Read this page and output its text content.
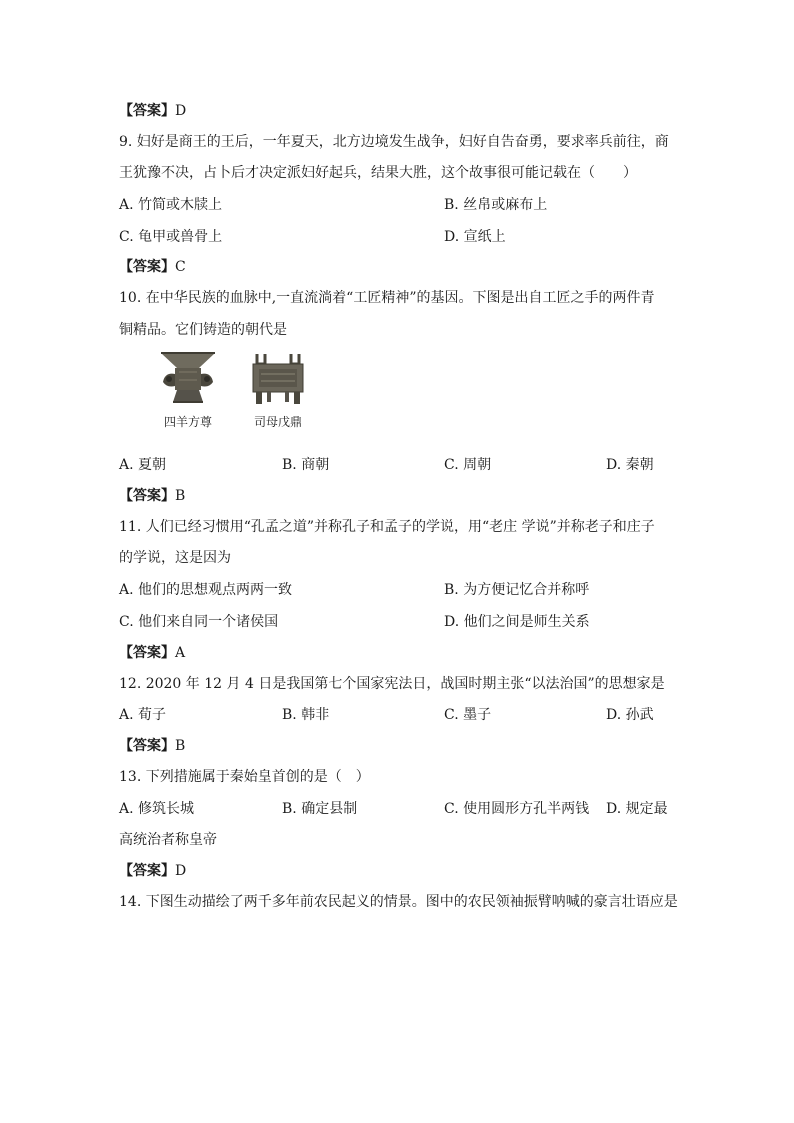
【答案】D
9. 妇好是商王的王后，一年夏天，北方边境发生战争，妇好自告奋勇，要求率兵前往，商
王犹豫不决，占卜后才决定派妇好起兵，结果大胜，这个故事很可能记载在（　　）
A. 竹简或木牍上	B. 丝帛或麻布上
C. 龟甲或兽骨上	D. 宣纸上
【答案】C
10. 在中华民族的血脉中,一直流淌着“工匠精神”的基因。下图是出自工匠之手的两件青
铜精品。它们铸造的朝代是
四羊方尊	司母戊鼎
A. 夏朝	B. 商朝	C. 周朝	D. 秦朝
【答案】B
11. 人们已经习惯用“孔孟之道”并称孔子和孟子的学说，用“老庄 学说”并称老子和庄子
的学说，这是因为
A. 他们的思想观点两两一致	B. 为方便记忆合并称呼
C. 他们来自同一个诸侯国	D. 他们之间是师生关系
【答案】A
12. 2020 年 12 月 4 日是我国第七个国家宪法日，战国时期主张“以法治国”的思想家是
A. 荀子	B. 韩非	C. 墨子	D. 孙武
【答案】B
13. 下列措施属于秦始皇首创的是（　）
A. 修筑长城	B. 确定县制	C. 使用圆形方孔半两钱 D. 规定最
高统治者称皇帝
【答案】D
14. 下图生动描绘了两千多年前农民起义的情景。图中的农民领袖振臂呐喊的豪言壮语应是
